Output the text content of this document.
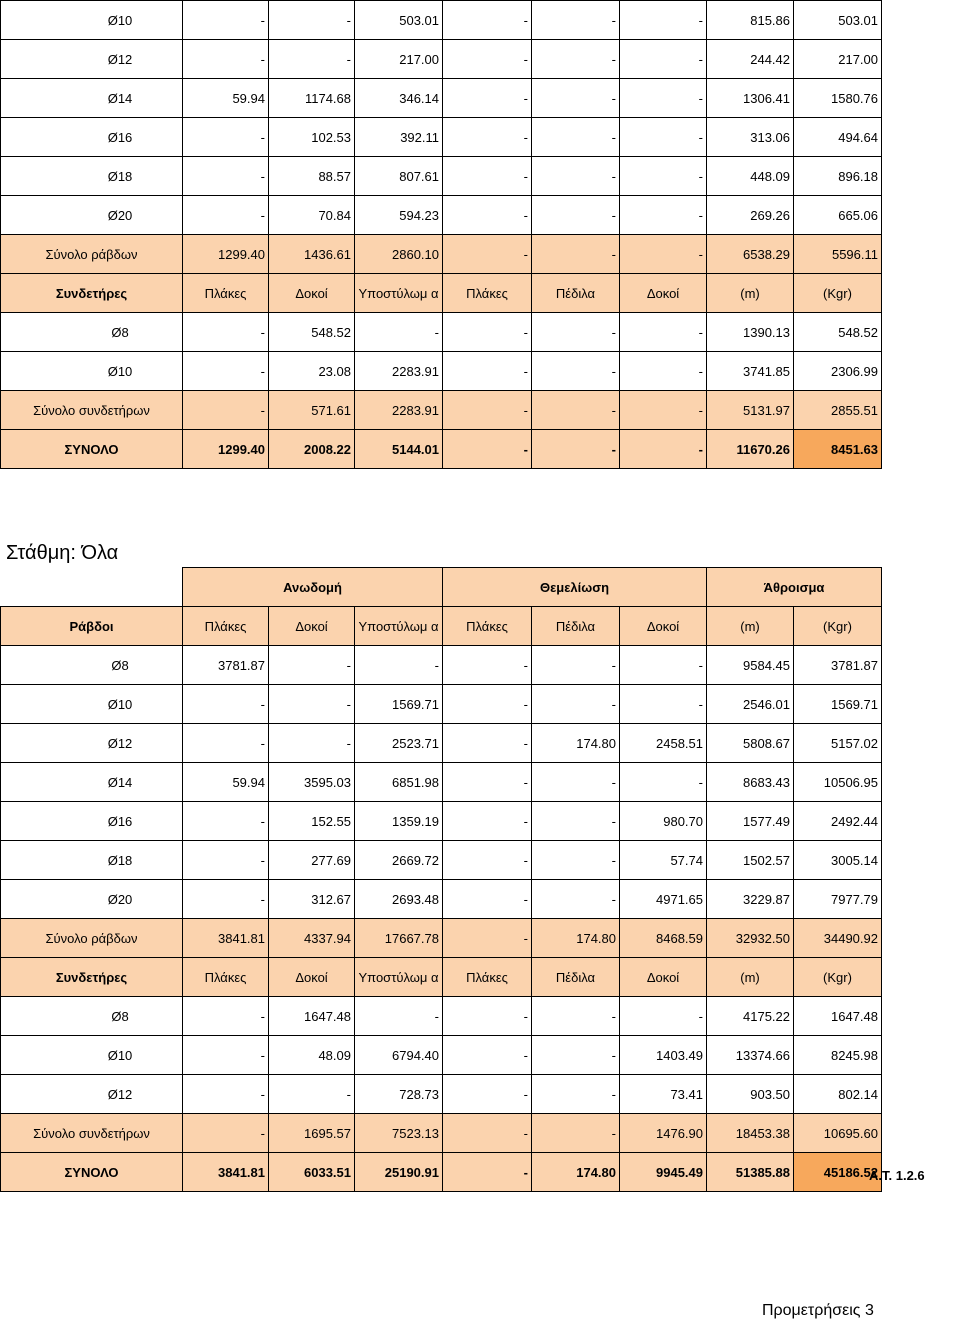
Ø10	-	-	503.01	-	-	-	815.86	503.01
Ø12	-	-	217.00	-	-	-	244.42	217.00
Ø14	59.94	1174.68	346.14	-	-	-	1306.41	1580.76
Ø16	-	102.53	392.11	-	-	-	313.06	494.64
Ø18	-	88.57	807.61	-	-	-	448.09	896.18
Ø20	-	70.84	594.23	-	-	-	269.26	665.06
Σύνολο ράβδων	1299.40	1436.61	2860.10	-	-	-	6538.29	5596.11
Συνδετήρες	Πλάκες	Δοκοί	Υποστύλωμ α	Πλάκες	Πέδιλα	Δοκοί	(m)	(Kgr)
Ø8	-	548.52	-	-	-	-	1390.13	548.52
Ø10	-	23.08	2283.91	-	-	-	3741.85	2306.99
Σύνολο συνδετήρων	-	571.61	2283.91	-	-	-	5131.97	2855.51
ΣΥΝΟΛΟ	1299.40	2008.22	5144.01	-	-	-	11670.26	8451.63
Στάθμη: Όλα
	Ανωδομή			Θεμελίωση			Άθροισμα	
Ράβδοι	Πλάκες	Δοκοί	Υποστύλωμ α	Πλάκες	Πέδιλα	Δοκοί	(m)	(Kgr)
Ø8	3781.87	-	-	-	-	-	9584.45	3781.87
Ø10	-	-	1569.71	-	-	-	2546.01	1569.71
Ø12	-	-	2523.71	-	174.80	2458.51	5808.67	5157.02
Ø14	59.94	3595.03	6851.98	-	-	-	8683.43	10506.95
Ø16	-	152.55	1359.19	-	-	980.70	1577.49	2492.44
Ø18	-	277.69	2669.72	-	-	57.74	1502.57	3005.14
Ø20	-	312.67	2693.48	-	-	4971.65	3229.87	7977.79
Σύνολο ράβδων	3841.81	4337.94	17667.78	-	174.80	8468.59	32932.50	34490.92
Συνδετήρες	Πλάκες	Δοκοί	Υποστύλωμ α	Πλάκες	Πέδιλα	Δοκοί	(m)	(Kgr)
Ø8	-	1647.48	-	-	-	-	4175.22	1647.48
Ø10	-	48.09	6794.40	-	-	1403.49	13374.66	8245.98
Ø12	-	-	728.73	-	-	73.41	903.50	802.14
Σύνολο συνδετήρων	-	1695.57	7523.13	-	-	1476.90	18453.38	10695.60
ΣΥΝΟΛΟ	3841.81	6033.51	25190.91	-	174.80	9945.49	51385.88	45186.52
A.T. 1.2.6
Προμετρήσεις 3
